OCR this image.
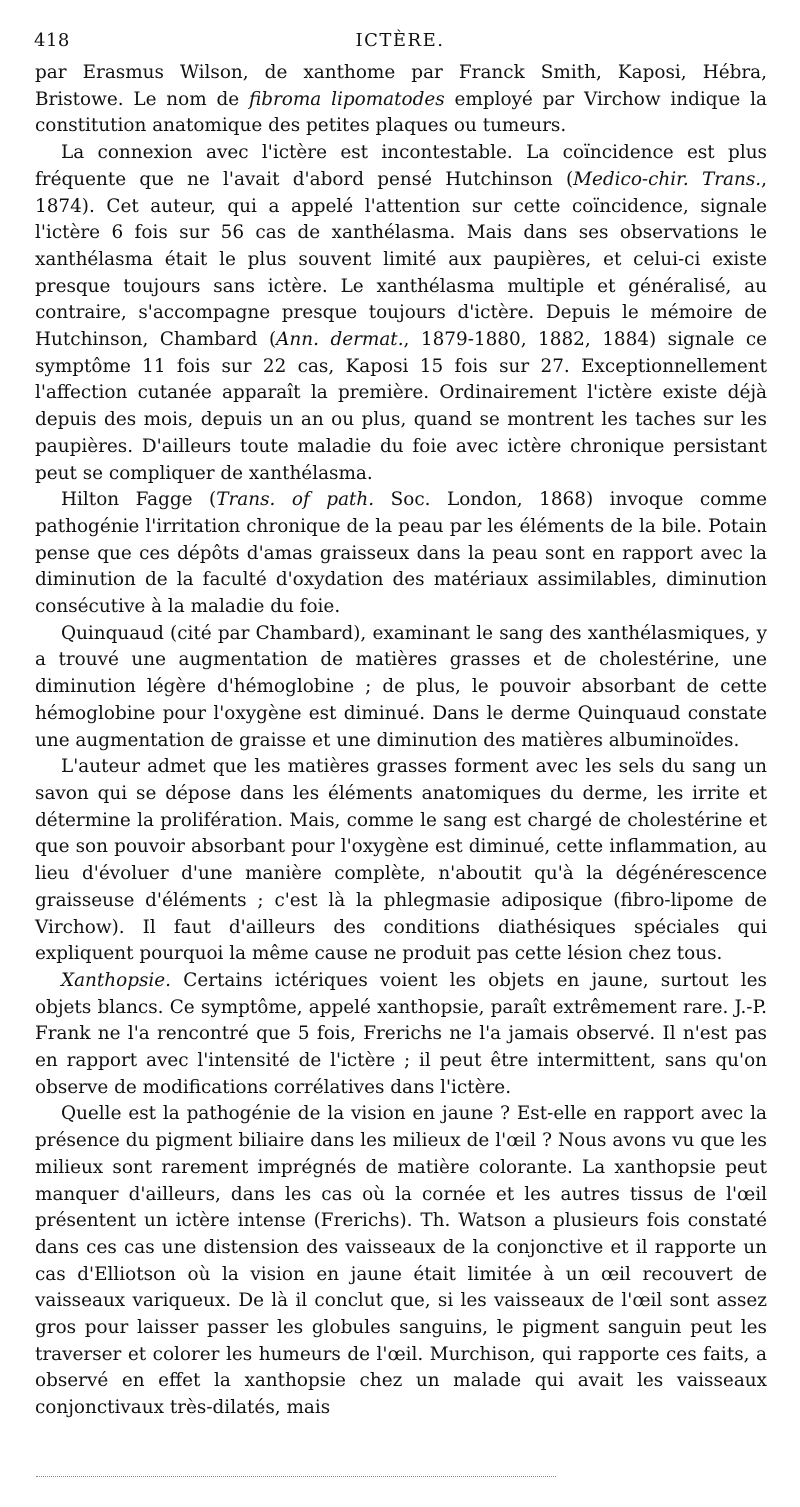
418	ICTÈRE.

par Erasmus Wilson, de xanthome par Franck Smith, Kaposi, Hébra, Bristowe. Le nom de fibroma lipomatodes employé par Virchow indique la constitution anatomique des petites plaques ou tumeurs.

La connexion avec l'ictère est incontestable. La coïncidence est plus fréquente que ne l'avait d'abord pensé Hutchinson (Medico-chir. Trans., 1874). Cet auteur, qui a appelé l'attention sur cette coïncidence, signale l'ictère 6 fois sur 56 cas de xanthélasma. Mais dans ses observations le xanthélasma était le plus souvent limité aux paupières, et celui-ci existe presque toujours sans ictère. Le xanthélasma multiple et généralisé, au contraire, s'accompagne presque toujours d'ictère. Depuis le mémoire de Hutchinson, Chambard (Ann. dermat., 1879-1880, 1882, 1884) signale ce symptôme 11 fois sur 22 cas, Kaposi 15 fois sur 27. Exceptionnellement l'affection cutanée apparaît la première. Ordinairement l'ictère existe déjà depuis des mois, depuis un an ou plus, quand se montrent les taches sur les paupières. D'ailleurs toute maladie du foie avec ictère chronique persistant peut se compliquer de xanthélasma.

Hilton Fagge (Trans. of path. Soc. London, 1868) invoque comme pathogénie l'irritation chronique de la peau par les éléments de la bile. Potain pense que ces dépôts d'amas graisseux dans la peau sont en rapport avec la diminution de la faculté d'oxydation des matériaux assimilables, diminution consécutive à la maladie du foie.

Quinquaud (cité par Chambard), examinant le sang des xanthélasmiques, y a trouvé une augmentation de matières grasses et de cholestérine, une diminution légère d'hémoglobine ; de plus, le pouvoir absorbant de cette hémoglobine pour l'oxygène est diminué. Dans le derme Quinquaud constate une augmentation de graisse et une diminution des matières albuminoïdes.

L'auteur admet que les matières grasses forment avec les sels du sang un savon qui se dépose dans les éléments anatomiques du derme, les irrite et détermine la prolifération. Mais, comme le sang est chargé de cholestérine et que son pouvoir absorbant pour l'oxygène est diminué, cette inflammation, au lieu d'évoluer d'une manière complète, n'aboutit qu'à la dégénérescence graisseuse d'éléments ; c'est là la phlegmasie adiposique (fibro-lipome de Virchow). Il faut d'ailleurs des conditions diathésiques spéciales qui expliquent pourquoi la même cause ne produit pas cette lésion chez tous.

Xanthopsie. Certains ictériques voient les objets en jaune, surtout les objets blancs. Ce symptôme, appelé xanthopsie, paraît extrêmement rare. J.-P. Frank ne l'a rencontré que 5 fois, Frerichs ne l'a jamais observé. Il n'est pas en rapport avec l'intensité de l'ictère ; il peut être intermittent, sans qu'on observe de modifications corrélatives dans l'ictère.

Quelle est la pathogénie de la vision en jaune ? Est-elle en rapport avec la présence du pigment biliaire dans les milieux de l'œil ? Nous avons vu que les milieux sont rarement imprégnés de matière colorante. La xanthopsie peut manquer d'ailleurs, dans les cas où la cornée et les autres tissus de l'œil présentent un ictère intense (Frerichs). Th. Watson a plusieurs fois constaté dans ces cas une distension des vaisseaux de la conjonctive et il rapporte un cas d'Elliotson où la vision en jaune était limitée à un œil recouvert de vaisseaux variqueux. De là il conclut que, si les vaisseaux de l'œil sont assez gros pour laisser passer les globules sanguins, le pigment sanguin peut les traverser et colorer les humeurs de l'œil. Murchison, qui rapporte ces faits, a observé en effet la xanthopsie chez un malade qui avait les vaisseaux conjonctivaux très-dilatés, mais
